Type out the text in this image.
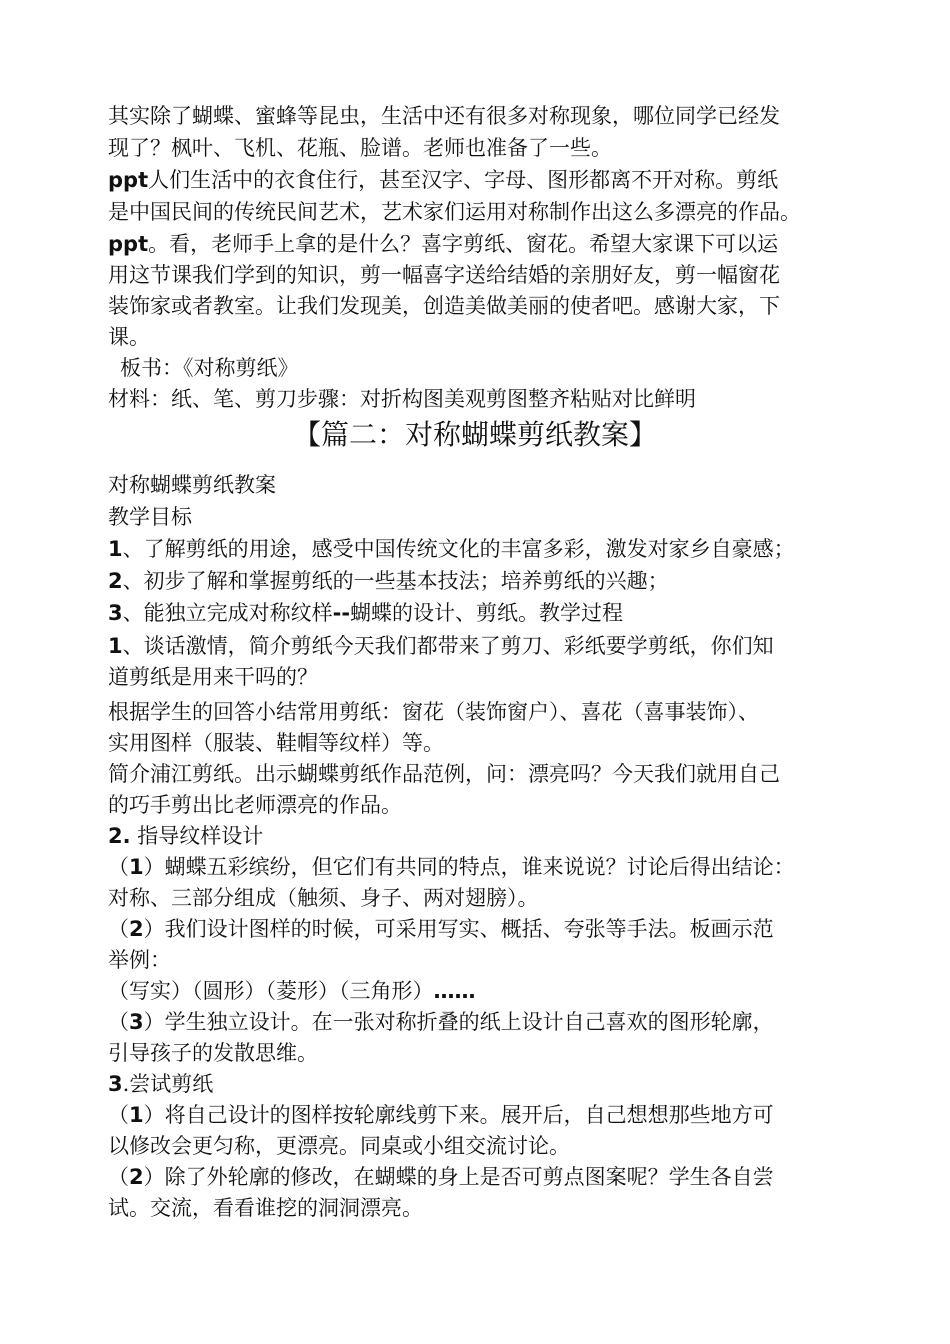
其实除了蝴蝶、蜜蜂等昆虫，生活中还有很多对称现象，哪位同学已经发

现了？枫叶、飞机、花瓶、脸谱。老师也准备了一些。

ppt人们生活中的衣食住行，甚至汉字、字母、图形都离不开对称。剪纸

是中国民间的传统民间艺术，艺术家们运用对称制作出这么多漂亮的作品。

ppt。看，老师手上拿的是什么？喜字剪纸、窗花。希望大家课下可以运

用这节课我们学到的知识，剪一幅喜字送给结婚的亲朋好友，剪一幅窗花

装饰家或者教室。让我们发现美，创造美做美丽的使者吧。感谢大家，下

课。

板书：《对称剪纸》

材料：纸、笔、剪刀步骤：对折构图美观剪图整齐粘贴对比鲜明

【篇二：对称蝴蝶剪纸教案】

对称蝴蝶剪纸教案

教学目标

1、了解剪纸的用途，感受中国传统文化的丰富多彩，激发对家乡自豪感；

2、初步了解和掌握剪纸的一些基本技法；培养剪纸的兴趣；

3、能独立完成对称纹样--蝴蝶的设计、剪纸。教学过程

1、谈话激情，简介剪纸今天我们都带来了剪刀、彩纸要学剪纸，你们知

道剪纸是用来干吗的？

根据学生的回答小结常用剪纸：窗花（装饰窗户）、喜花（喜事装饰）、

实用图样（服装、鞋帽等纹样）等。

简介浦江剪纸。出示蝴蝶剪纸作品范例，问：漂亮吗？今天我们就用自己

的巧手剪出比老师漂亮的作品。

2. 指导纹样设计

（1）蝴蝶五彩缤纷，但它们有共同的特点，谁来说说？讨论后得出结论：

对称、三部分组成（触须、身子、两对翅膀）。

（2）我们设计图样的时候，可采用写实、概括、夸张等手法。板画示范

举例：

（写实）（圆形）（菱形）（三角形）……

（3）学生独立设计。在一张对称折叠的纸上设计自己喜欢的图形轮廓，

引导孩子的发散思维。

3.尝试剪纸

（1）将自己设计的图样按轮廓线剪下来。展开后，自己想想那些地方可

以修改会更匀称，更漂亮。同桌或小组交流讨论。

（2）除了外轮廓的修改，在蝴蝶的身上是否可剪点图案呢？学生各自尝

试。交流，看看谁挖的洞洞漂亮。
